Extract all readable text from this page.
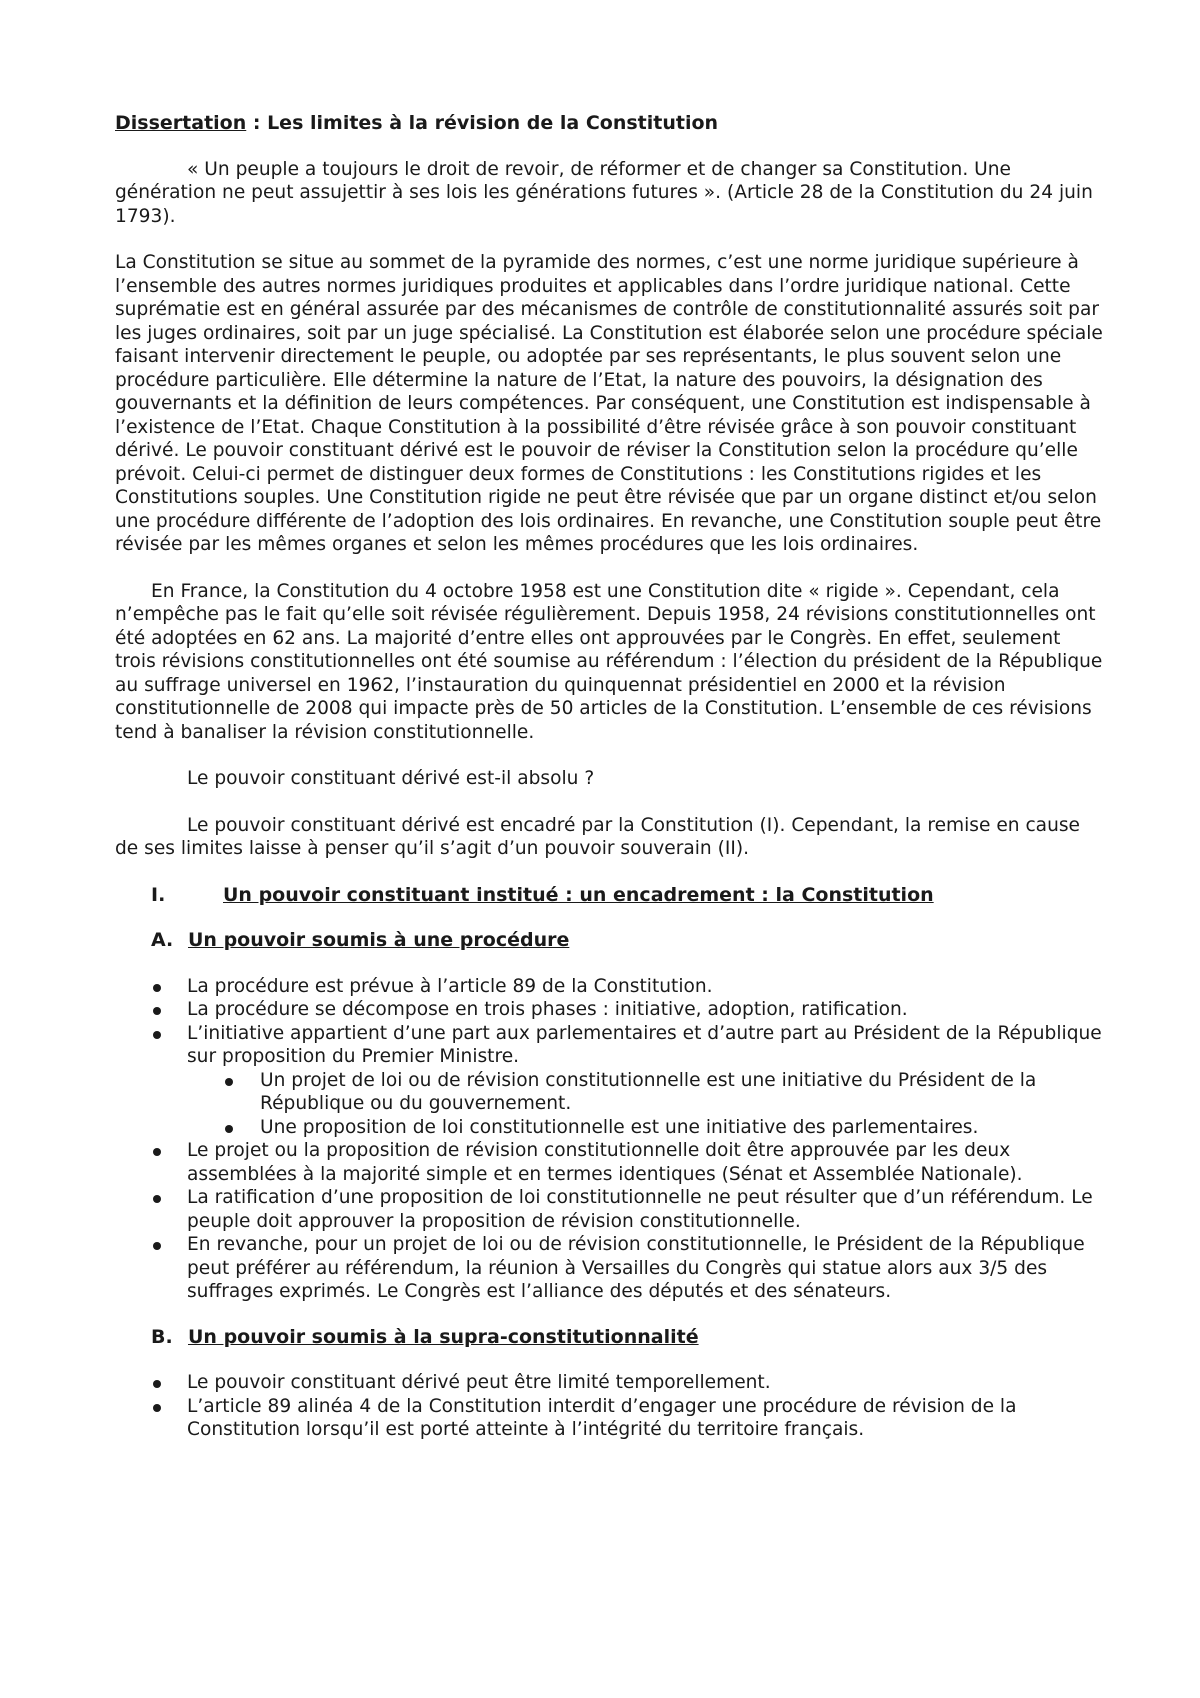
Dissertation : Les limites à la révision de la Constitution

« Un peuple a toujours le droit de revoir, de réformer et de changer sa Constitution. Une génération ne peut assujettir à ses lois les générations futures ». (Article 28 de la Constitution du 24 juin 1793).

La Constitution se situe au sommet de la pyramide des normes, c’est une norme juridique supérieure à l’ensemble des autres normes juridiques produites et applicables dans l’ordre juridique national. Cette suprématie est en général assurée par des mécanismes de contrôle de constitutionnalité assurés soit par les juges ordinaires, soit par un juge spécialisé. La Constitution est élaborée selon une procédure spéciale faisant intervenir directement le peuple, ou adoptée par ses représentants, le plus souvent selon une procédure particulière. Elle détermine la nature de l’Etat, la nature des pouvoirs, la désignation des gouvernants et la définition de leurs compétences. Par conséquent, une Constitution est indispensable à l’existence de l’Etat. Chaque Constitution à la possibilité d’être révisée grâce à son pouvoir constituant dérivé. Le pouvoir constituant dérivé est le pouvoir de réviser la Constitution selon la procédure qu’elle prévoit. Celui-ci permet de distinguer deux formes de Constitutions : les Constitutions rigides et les Constitutions souples. Une Constitution rigide ne peut être révisée que par un organe distinct et/ou selon une procédure différente de l’adoption des lois ordinaires. En revanche, une Constitution souple peut être révisée par les mêmes organes et selon les mêmes procédures que les lois ordinaires.

En France, la Constitution du 4 octobre 1958 est une Constitution dite « rigide ». Cependant, cela n’empêche pas le fait qu’elle soit révisée régulièrement. Depuis 1958, 24 révisions constitutionnelles ont été adoptées en 62 ans. La majorité d’entre elles ont approuvées par le Congrès. En effet, seulement trois révisions constitutionnelles ont été soumise au référendum : l’élection du président de la République au suffrage universel en 1962, l’instauration du quinquennat présidentiel en 2000 et la révision constitutionnelle de 2008 qui impacte près de 50 articles de la Constitution. L’ensemble de ces révisions tend à banaliser la révision constitutionnelle.

Le pouvoir constituant dérivé est-il absolu ?

Le pouvoir constituant dérivé est encadré par la Constitution (I). Cependant, la remise en cause de ses limites laisse à penser qu’il s’agit d’un pouvoir souverain (II).

I.	Un pouvoir constituant institué : un encadrement : la Constitution
A. Un pouvoir soumis à une procédure
La procédure est prévue à l’article 89 de la Constitution.
La procédure se décompose en trois phases : initiative, adoption, ratification.
L’initiative appartient d’une part aux parlementaires et d’autre part au Président de la République sur proposition du Premier Ministre.
Un projet de loi ou de révision constitutionnelle est une initiative du Président de la République ou du gouvernement.
Une proposition de loi constitutionnelle est une initiative des parlementaires.
Le projet ou la proposition de révision constitutionnelle doit être approuvée par les deux assemblées à la majorité simple et en termes identiques (Sénat et Assemblée Nationale).
La ratification d’une proposition de loi constitutionnelle ne peut résulter que d’un référendum. Le peuple doit approuver la proposition de révision constitutionnelle.
En revanche, pour un projet de loi ou de révision constitutionnelle, le Président de la République peut préférer au référendum, la réunion à Versailles du Congrès qui statue alors aux 3/5 des suffrages exprimés. Le Congrès est l’alliance des députés et des sénateurs.
B. Un pouvoir soumis à la supra-constitutionnalité
Le pouvoir constituant dérivé peut être limité temporellement.
L’article 89 alinéa 4 de la Constitution interdit d’engager une procédure de révision de la Constitution lorsqu’il est porté atteinte à l’intégrité du territoire français.
